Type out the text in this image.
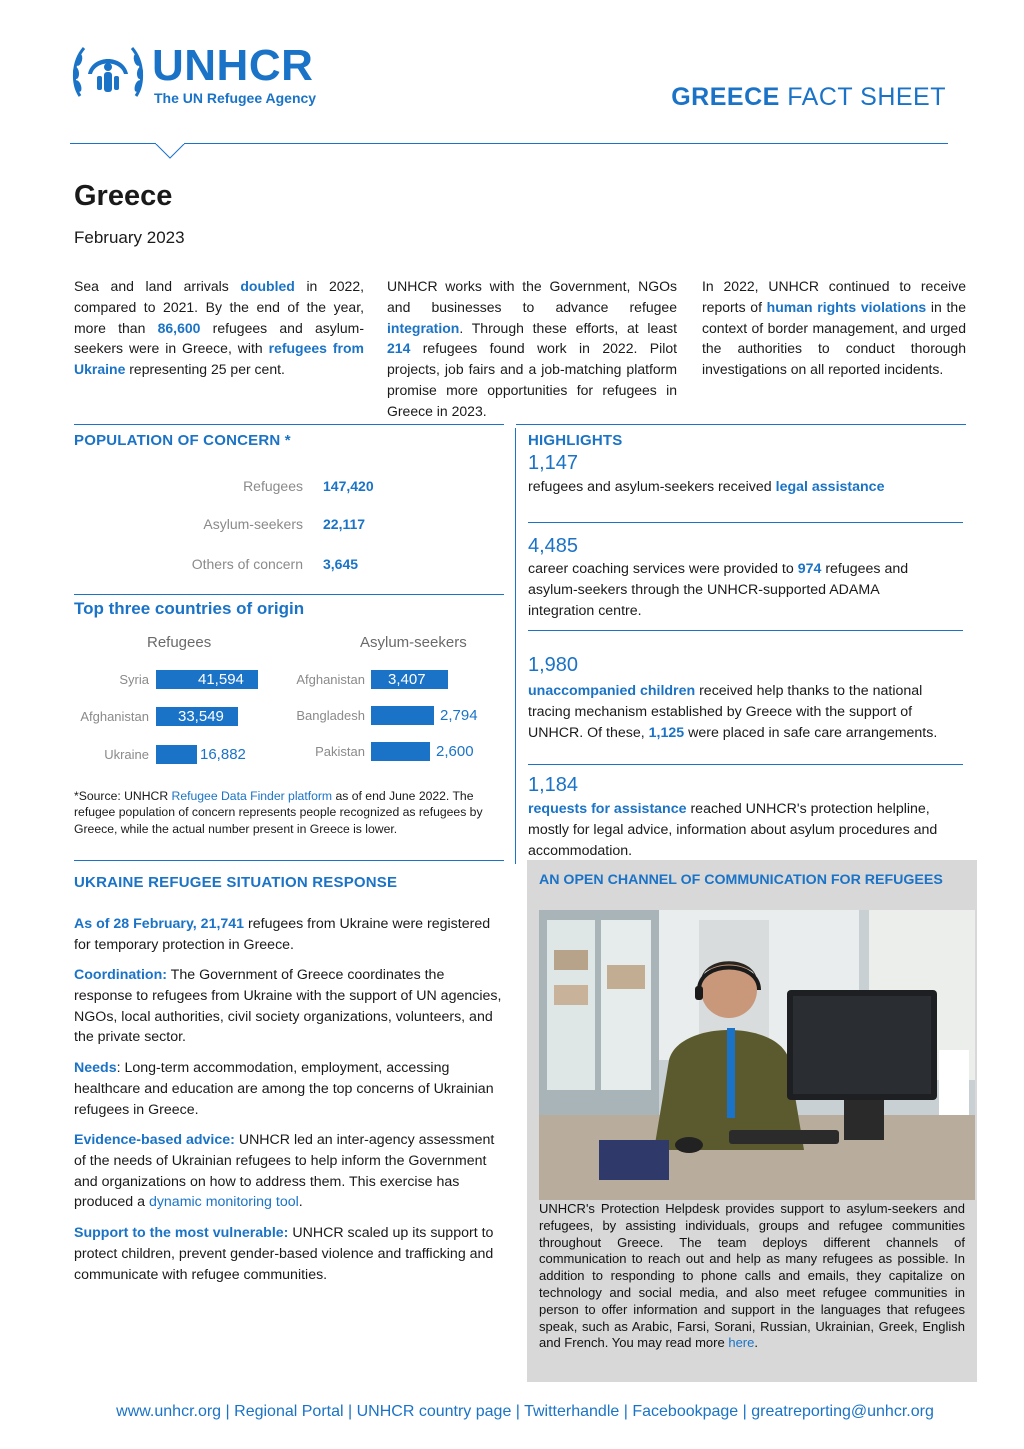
UNHCR
The UN Refugee Agency	GREECE FACT SHEET
Greece
February 2023
Sea and land arrivals doubled in 2022, compared to 2021. By the end of the year, more than 86,600 refugees and asylum-seekers were in Greece, with refugees from Ukraine representing 25 per cent.
UNHCR works with the Government, NGOs and businesses to advance refugee integration. Through these efforts, at least 214 refugees found work in 2022. Pilot projects, job fairs and a job-matching platform promise more opportunities for refugees in Greece in 2023.
In 2022, UNHCR continued to receive reports of human rights violations in the context of border management, and urged the authorities to conduct thorough investigations on all reported incidents.
POPULATION OF CONCERN *
Refugees 147,420
Asylum-seekers 22,117
Others of concern 3,645
Top three countries of origin
Refugees	Asylum-seekers
Syria	41,594
Afghanistan 33,549
Ukraine	16,882
Afghanistan 3,407
Bangladesh	2,794
Pakistan	2,600
*Source: UNHCR Refugee Data Finder platform as of end June 2022. The refugee population of concern represents people recognized as refugees by Greece, while the actual number present in Greece is lower.
UKRAINE REFUGEE SITUATION RESPONSE

As of 28 February, 21,741 refugees from Ukraine were registered for temporary protection in Greece.

Coordination: The Government of Greece coordinates the response to refugees from Ukraine with the support of UN agencies, NGOs, local authorities, civil society organizations, volunteers, and the private sector.

Needs: Long-term accommodation, employment, accessing healthcare and education are among the top concerns of Ukrainian refugees in Greece.

Evidence-based advice: UNHCR led an inter-agency assessment of the needs of Ukrainian refugees to help inform the Government and organizations on how to address them. This exercise has produced a dynamic monitoring tool.

Support to the most vulnerable: UNHCR scaled up its support to protect children, prevent gender-based violence and trafficking and communicate with refugee communities.

HIGHLIGHTS
1,147
refugees and asylum-seekers received legal assistance
4,485
career coaching services were provided to 974 refugees and asylum-seekers through the UNHCR-supported ADAMA integration centre.
1,980
unaccompanied children received help thanks to the national tracing mechanism established by Greece with the support of UNHCR. Of these, 1,125 were placed in safe care arrangements.
1,184
requests for assistance reached UNHCR's protection helpline, mostly for legal advice, information about asylum procedures and accommodation.
AN OPEN CHANNEL OF COMMUNICATION FOR REFUGEES
UNHCR's Protection Helpdesk provides support to asylum-seekers and refugees, by assisting individuals, groups and refugee communities throughout Greece. The team deploys different channels of communication to reach out and help as many refugees as possible. In addition to responding to phone calls and emails, they capitalize on technology and social media, and also meet refugee communities in person to offer information and support in the languages that refugees speak, such as Arabic, Farsi, Sorani, Russian, Ukrainian, Greek, English and French. You may read more here.
www.unhcr.org | Regional Portal | UNHCR country page | Twitterhandle | Facebookpage | greatreporting@unhcr.org
